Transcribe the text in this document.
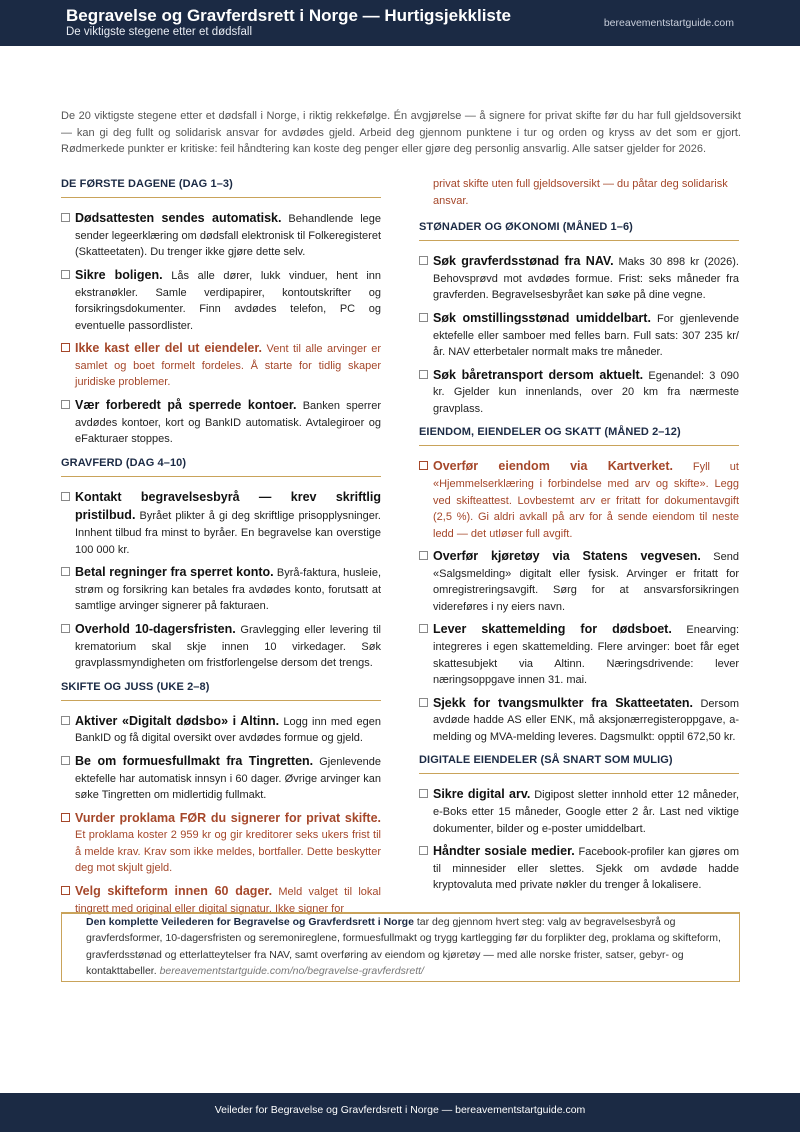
Begravelse og Gravferdsrett i Norge — Hurtigsjekkliste
De viktigste stegene etter et dødsfall
bereavementstartguide.com

De 20 viktigste stegene etter et dødsfall i Norge, i riktig rekkefølge. Én avgjørelse — å signere for privat skifte før du har full gjeldsoversikt — kan gi deg fullt og solidarisk ansvar for avdødes gjeld. Arbeid deg gjennom punktene i tur og orden og kryss av det som er gjort. Rødmerkede punkter er kritiske: feil håndtering kan koste deg penger eller gjøre deg personlig ansvarlig. Alle satser gjelder for 2026.

DE FØRSTE DAGENE (DAG 1–3)
Dødsattesten sendes automatisk. Behandlende lege sender legeerklæring om dødsfall elektronisk til Folkeregisteret (Skatteetaten). Du trenger ikke gjøre dette selv.
Sikre boligen. Lås alle dører, lukk vinduer, hent inn ekstranøkler. Samle verdipapirer, kontoutskrifter og forsikringsdokumenter. Finn avdødes telefon, PC og eventuelle passordlister.
Ikke kast eller del ut eiendeler. Vent til alle arvinger er samlet og boet formelt fordeles. Å starte for tidlig skaper juridiske problemer.
Vær forberedt på sperrede kontoer. Banken sperrer avdødes kontoer, kort og BankID automatisk. Avtalegiroer og eFakturaer stoppes.
GRAVFERD (DAG 4–10)
Kontakt begravelsesbyrå — krev skriftlig pristilbud. Byrået plikter å gi deg skriftlige prisopplysninger. Innhent tilbud fra minst to byråer. En begravelse kan overstige 100 000 kr.
Betal regninger fra sperret konto. Byrå-faktura, husleie, strøm og forsikring kan betales fra avdødes konto, forutsatt at samtlige arvinger signerer på fakturaen.
Overhold 10-dagersfristen. Gravlegging eller levering til krematorium skal skje innen 10 virkedager. Søk gravplassmyndigheten om fristforlengelse dersom det trengs.
SKIFTE OG JUSS (UKE 2–8)
Aktiver «Digitalt dødsbo» i Altinn. Logg inn med egen BankID og få digital oversikt over avdødes formue og gjeld.
Be om formuesfullmakt fra Tingretten. Gjenlevende ektefelle har automatisk innsyn i 60 dager. Øvrige arvinger kan søke Tingretten om midlertidig fullmakt.
Vurder proklama FØR du signerer for privat skifte. Et proklama koster 2 959 kr og gir kreditorer seks ukers frist til å melde krav. Krav som ikke meldes, bortfaller. Dette beskytter deg mot skjult gjeld.
Velg skifteform innen 60 dager. Meld valget til lokal tingrett med original eller digital signatur. Ikke signer for
privat skifte uten full gjeldsoversikt — du påtar deg solidarisk ansvar.
STØNADER OG ØKONOMI (MÅNED 1–6)
Søk gravferdsstønad fra NAV. Maks 30 898 kr (2026). Behovsprøvd mot avdødes formue. Frist: seks måneder fra gravferden. Begravelsesbyrået kan søke på dine vegne.
Søk omstillingsstønad umiddelbart. For gjenlevende ektefelle eller samboer med felles barn. Full sats: 307 235 kr/år. NAV etterbetaler normalt maks tre måneder.
Søk båretransport dersom aktuelt. Egenandel: 3 090 kr. Gjelder kun innenlands, over 20 km fra nærmeste gravplass.
EIENDOM, EIENDELER OG SKATT (MÅNED 2–12)
Overfør eiendom via Kartverket. Fyll ut «Hjemmelserklæring i forbindelse med arv og skifte». Legg ved skifteattest. Lovbestemt arv er fritatt for dokumentavgift (2,5 %). Gi aldri avkall på arv for å sende eiendom til neste ledd — det utløser full avgift.
Overfør kjøretøy via Statens vegvesen. Send «Salgsmelding» digitalt eller fysisk. Arvinger er fritatt for omregistreringsavgift. Sørg for at ansvarsforsikringen videreføres i ny eiers navn.
Lever skattemelding for dødsboet. Enearving: integreres i egen skattemelding. Flere arvinger: boet får eget skattesubjekt via Altinn. Næringsdrivende: lever næringsoppgave innen 31. mai.
Sjekk for tvangsmulkter fra Skatteetaten. Dersom avdøde hadde AS eller ENK, må aksjonærregisteroppgave, a-melding og MVA-melding leveres. Dagsmulkt: opptil 672,50 kr.
DIGITALE EIENDELER (SÅ SNART SOM MULIG)
Sikre digital arv. Digipost sletter innhold etter 12 måneder, e-Boks etter 15 måneder, Google etter 2 år. Last ned viktige dokumenter, bilder og e-poster umiddelbart.
Håndter sosiale medier. Facebook-profiler kan gjøres om til minnesider eller slettes. Sjekk om avdøde hadde kryptovaluta med private nøkler du trenger å lokalisere.
Den komplette Veilederen for Begravelse og Gravferdsrett i Norge tar deg gjennom hvert steg: valg av begravelsesbyrå og gravferdsformer, 10-dagersfristen og seremonireglene, formuesfullmakt og trygg kartlegging før du forplikter deg, proklama og skifteform, gravferdsstønad og etterlatteytelser fra NAV, samt overføring av eiendom og kjøretøy — med alle norske frister, satser, gebyr- og kontakttabeller. bereavementstartguide.com/no/begravelse-gravferdsrett/
Veileder for Begravelse og Gravferdsrett i Norge — bereavementstartguide.com
